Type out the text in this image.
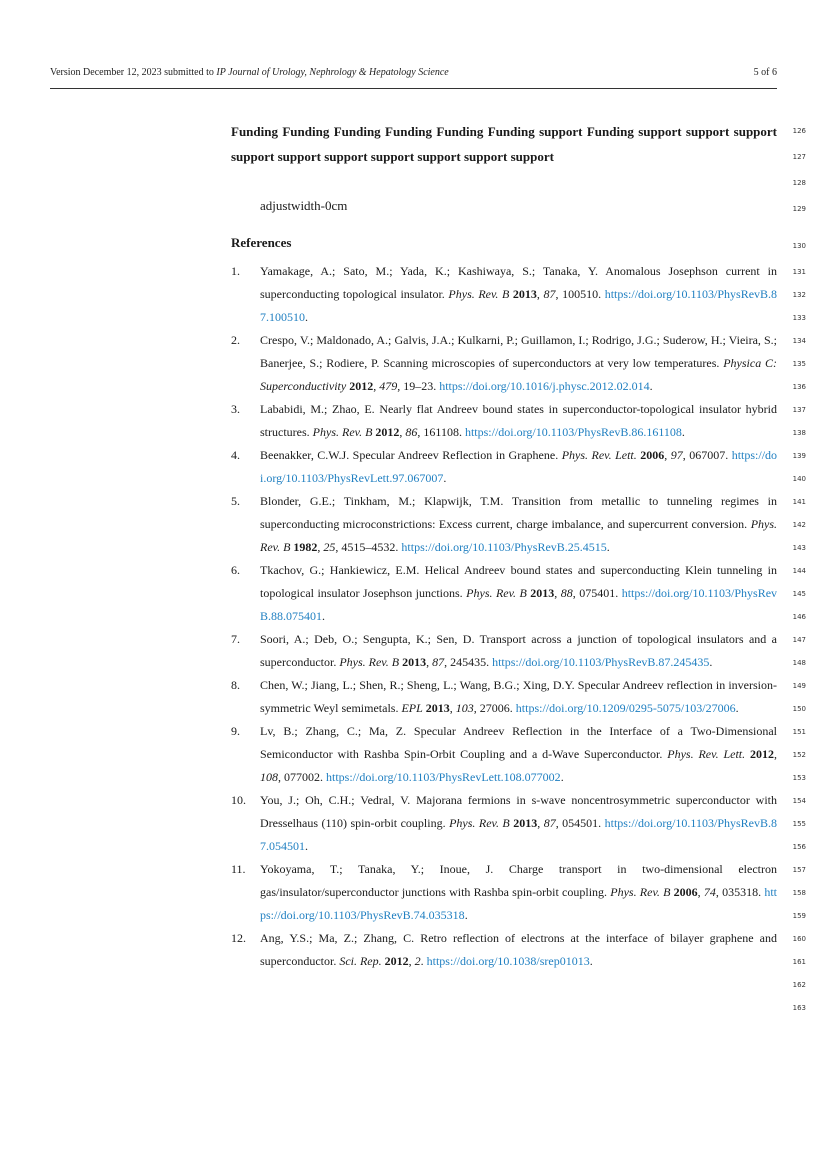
Version December 12, 2023 submitted to IP Journal of Urology, Nephrology & Hepatology Science	5 of 6

Funding Funding Funding Funding Funding Funding support Funding support support support support support support support support support support

adjustwidth-0cm
References
1. Yamakage, A.; Sato, M.; Yada, K.; Kashiwaya, S.; Tanaka, Y. Anomalous Josephson current in superconducting topological insulator. Phys. Rev. B 2013, 87, 100510. https://doi.org/10.1103/PhysRevB.87.100510.
2. Crespo, V.; Maldonado, A.; Galvis, J.A.; Kulkarni, P.; Guillamon, I.; Rodrigo, J.G.; Suderow, H.; Vieira, S.; Banerjee, S.; Rodiere, P. Scanning microscopies of superconductors at very low temperatures. Physica C: Superconductivity 2012, 479, 19–23. https://doi.org/10.1016/j.physc.2012.02.014.
3. Lababidi, M.; Zhao, E. Nearly flat Andreev bound states in superconductor-topological insulator hybrid structures. Phys. Rev. B 2012, 86, 161108. https://doi.org/10.1103/PhysRevB.86.161108.
4. Beenakker, C.W.J. Specular Andreev Reflection in Graphene. Phys. Rev. Lett. 2006, 97, 067007. https://doi.org/10.1103/PhysRevLett.97.067007.
5. Blonder, G.E.; Tinkham, M.; Klapwijk, T.M. Transition from metallic to tunneling regimes in superconducting microconstrictions: Excess current, charge imbalance, and supercurrent conversion. Phys. Rev. B 1982, 25, 4515–4532. https://doi.org/10.1103/PhysRevB.25.4515.
6. Tkachov, G.; Hankiewicz, E.M. Helical Andreev bound states and superconducting Klein tunneling in topological insulator Josephson junctions. Phys. Rev. B 2013, 88, 075401. https://doi.org/10.1103/PhysRevB.88.075401.
7. Soori, A.; Deb, O.; Sengupta, K.; Sen, D. Transport across a junction of topological insulators and a superconductor. Phys. Rev. B 2013, 87, 245435. https://doi.org/10.1103/PhysRevB.87.245435.
8. Chen, W.; Jiang, L.; Shen, R.; Sheng, L.; Wang, B.G.; Xing, D.Y. Specular Andreev reflection in inversion-symmetric Weyl semimetals. EPL 2013, 103, 27006. https://doi.org/10.1209/0295-5075/103/27006.
9. Lv, B.; Zhang, C.; Ma, Z. Specular Andreev Reflection in the Interface of a Two-Dimensional Semiconductor with Rashba Spin-Orbit Coupling and a d-Wave Superconductor. Phys. Rev. Lett. 2012, 108, 077002. https://doi.org/10.1103/PhysRevLett.108.077002.
10. You, J.; Oh, C.H.; Vedral, V. Majorana fermions in s-wave noncentrosymmetric superconductor with Dresselhaus (110) spin-orbit coupling. Phys. Rev. B 2013, 87, 054501. https://doi.org/10.1103/PhysRevB.87.054501.
11. Yokoyama, T.; Tanaka, Y.; Inoue, J. Charge transport in two-dimensional electron gas/insulator/superconductor junctions with Rashba spin-orbit coupling. Phys. Rev. B 2006, 74, 035318. https://doi.org/10.1103/PhysRevB.74.035318.
12. Ang, Y.S.; Ma, Z.; Zhang, C. Retro reflection of electrons at the interface of bilayer graphene and superconductor. Sci. Rep. 2012, 2. https://doi.org/10.1038/srep01013.
126
127
128
129
130
131
132
133
134
135
136
137
138
139
140
141
142
143
144
145
146
147
148
149
150
151
152
153
154
155
156
157
158
159
160
161
162
163
